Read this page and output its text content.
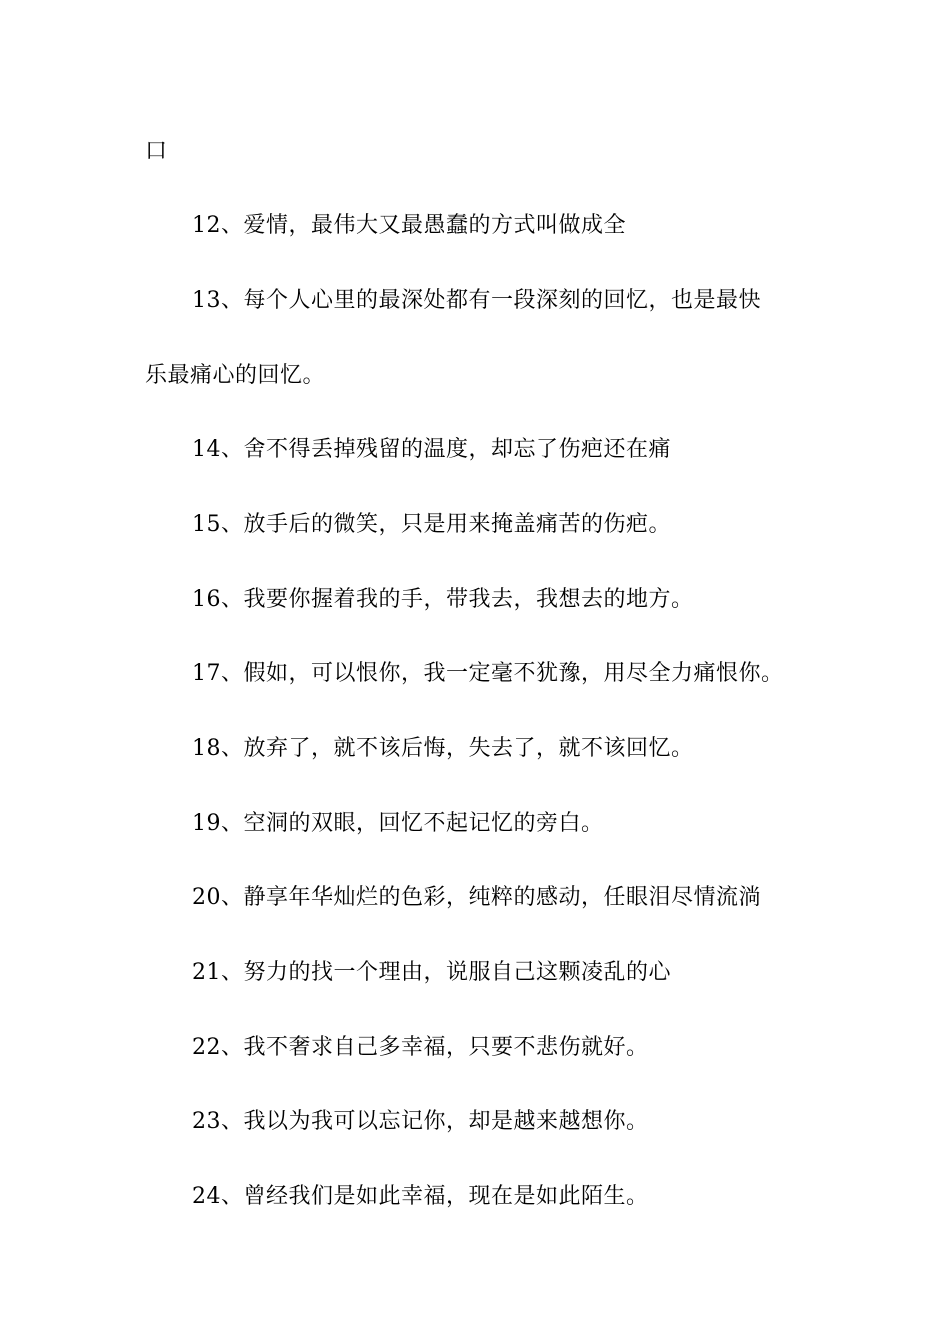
口
12、爱情，最伟大又最愚蠢的方式叫做成全
13、每个人心里的最深处都有一段深刻的回忆，也是最快
乐最痛心的回忆。
14、舍不得丢掉残留的温度，却忘了伤疤还在痛
15、放手后的微笑，只是用来掩盖痛苦的伤疤。
16、我要你握着我的手，带我去，我想去的地方。
17、假如，可以恨你，我一定毫不犹豫，用尽全力痛恨你。
18、放弃了，就不该后悔，失去了，就不该回忆。
19、空洞的双眼，回忆不起记忆的旁白。
20、静享年华灿烂的色彩，纯粹的感动，任眼泪尽情流淌
21、努力的找一个理由，说服自己这颗凌乱的心
22、我不奢求自己多幸福，只要不悲伤就好。
23、我以为我可以忘记你，却是越来越想你。
24、曾经我们是如此幸福，现在是如此陌生。
